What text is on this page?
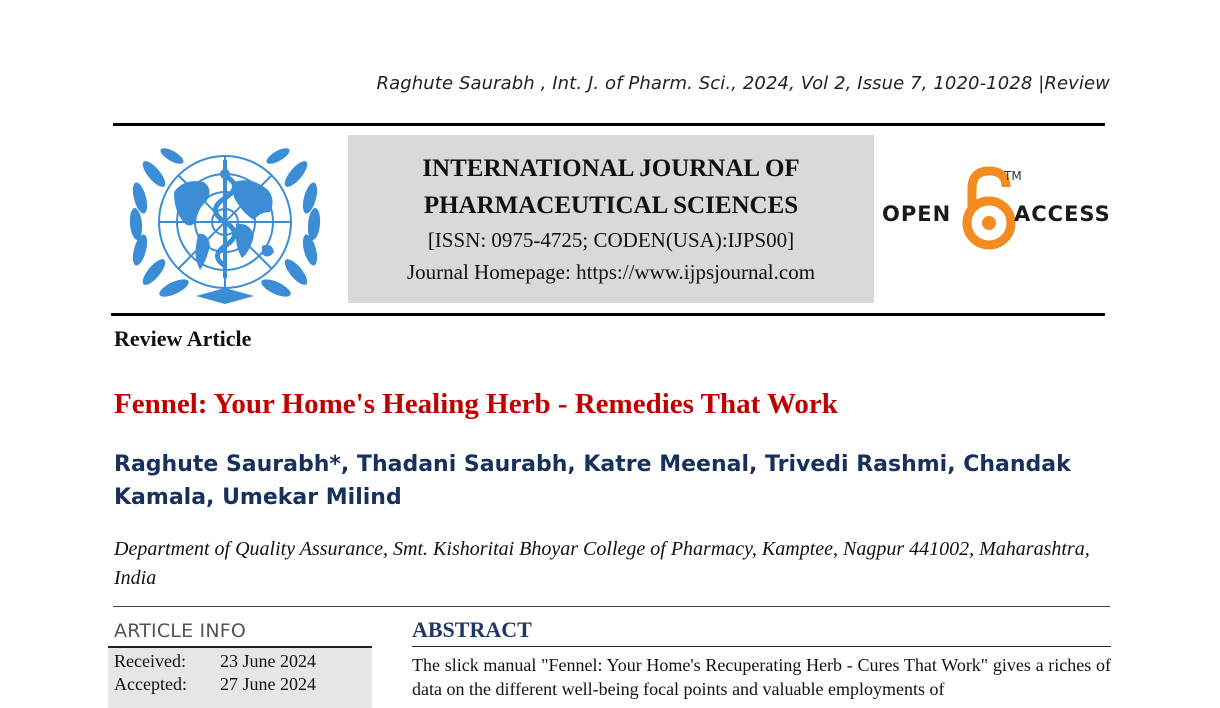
Raghute Saurabh , Int. J. of Pharm. Sci., 2024, Vol 2, Issue 7, 1020-1028 |Review
INTERNATIONAL JOURNAL OF
PHARMACEUTICAL SCIENCES
[ISSN: 0975-4725; CODEN(USA):IJPS00]
Journal Homepage: https://www.ijpsjournal.com
OPEN
TM
ACCESS
Review Article
Fennel: Your Home's Healing Herb - Remedies That Work
Raghute Saurabh*, Thadani Saurabh, Katre Meenal, Trivedi Rashmi, Chandak Kamala, Umekar Milind
Department of Quality Assurance, Smt. Kishoritai Bhoyar College of Pharmacy, Kamptee, Nagpur 441002, Maharashtra, India
ARTICLE INFO
Received: 23 June 2024
Accepted: 27 June 2024
ABSTRACT
The slick manual "Fennel: Your Home's Recuperating Herb - Cures That Work" gives a riches of data on the different well-being focal points and valuable employments of
